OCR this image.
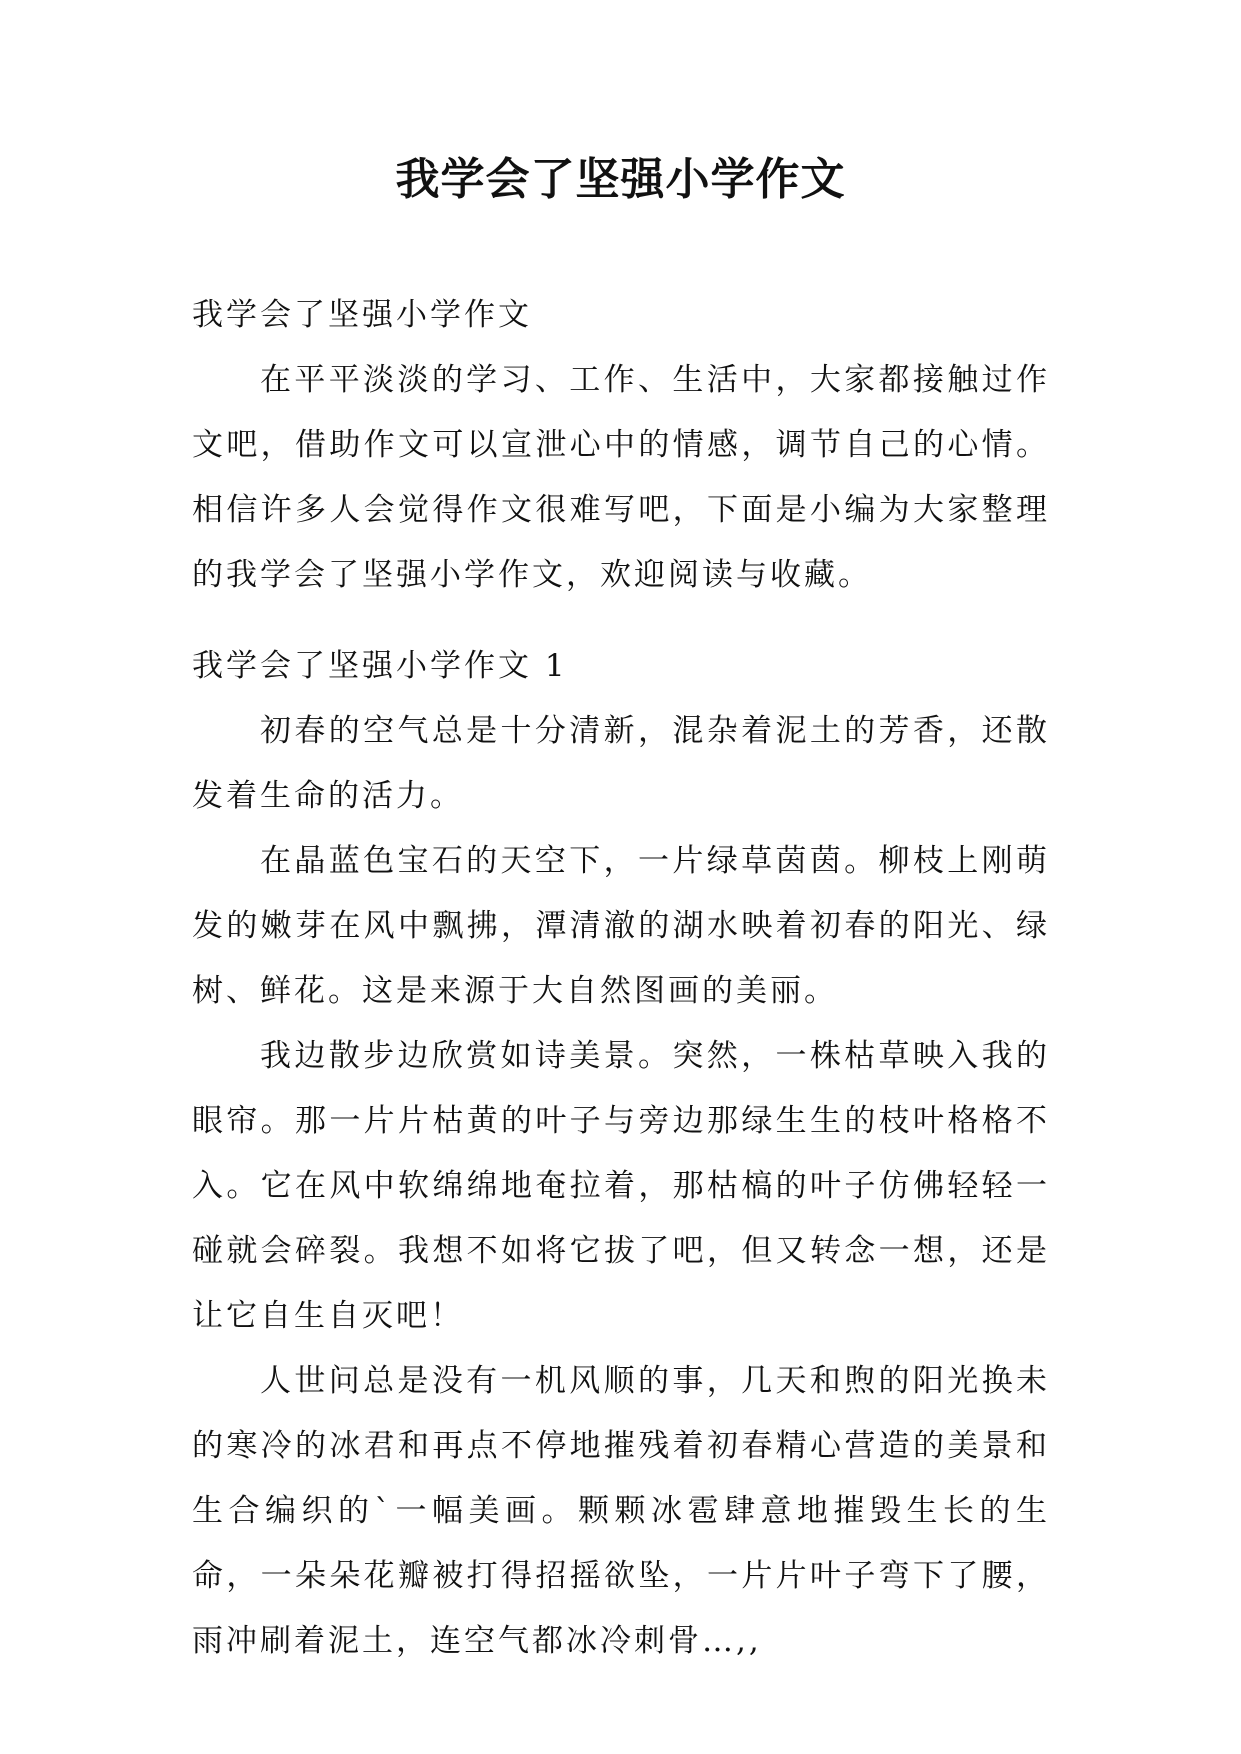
我学会了坚强小学作文

我学会了坚强小学作文

在平平淡淡的学习、工作、生活中，大家都接触过作文吧，借助作文可以宣泄心中的情感，调节自己的心情。相信许多人会觉得作文很难写吧，下面是小编为大家整理的我学会了坚强小学作文，欢迎阅读与收藏。

我学会了坚强小学作文 1

初春的空气总是十分清新，混杂着泥土的芳香，还散发着生命的活力。

在晶蓝色宝石的天空下，一片绿草茵茵。柳枝上刚萌发的嫩芽在风中飘拂，潭清澈的湖水映着初春的阳光、绿树、鲜花。这是来源于大自然图画的美丽。

我边散步边欣赏如诗美景。突然，一株枯草映入我的眼帘。那一片片枯黄的叶子与旁边那绿生生的枝叶格格不入。它在风中软绵绵地奄拉着，那枯槁的叶子仿佛轻轻一碰就会碎裂。我想不如将它拔了吧，但又转念一想，还是让它自生自灭吧！

人世问总是没有一机风顺的事，几天和煦的阳光换未的寒冷的冰君和再点不停地摧残着初春精心营造的美景和生合编织的`一幅美画。颗颗冰雹肆意地摧毁生长的生命，一朵朵花瓣被打得招摇欲坠，一片片叶子弯下了腰，雨冲刷着泥土，连空气都冰冷刺骨…,,
